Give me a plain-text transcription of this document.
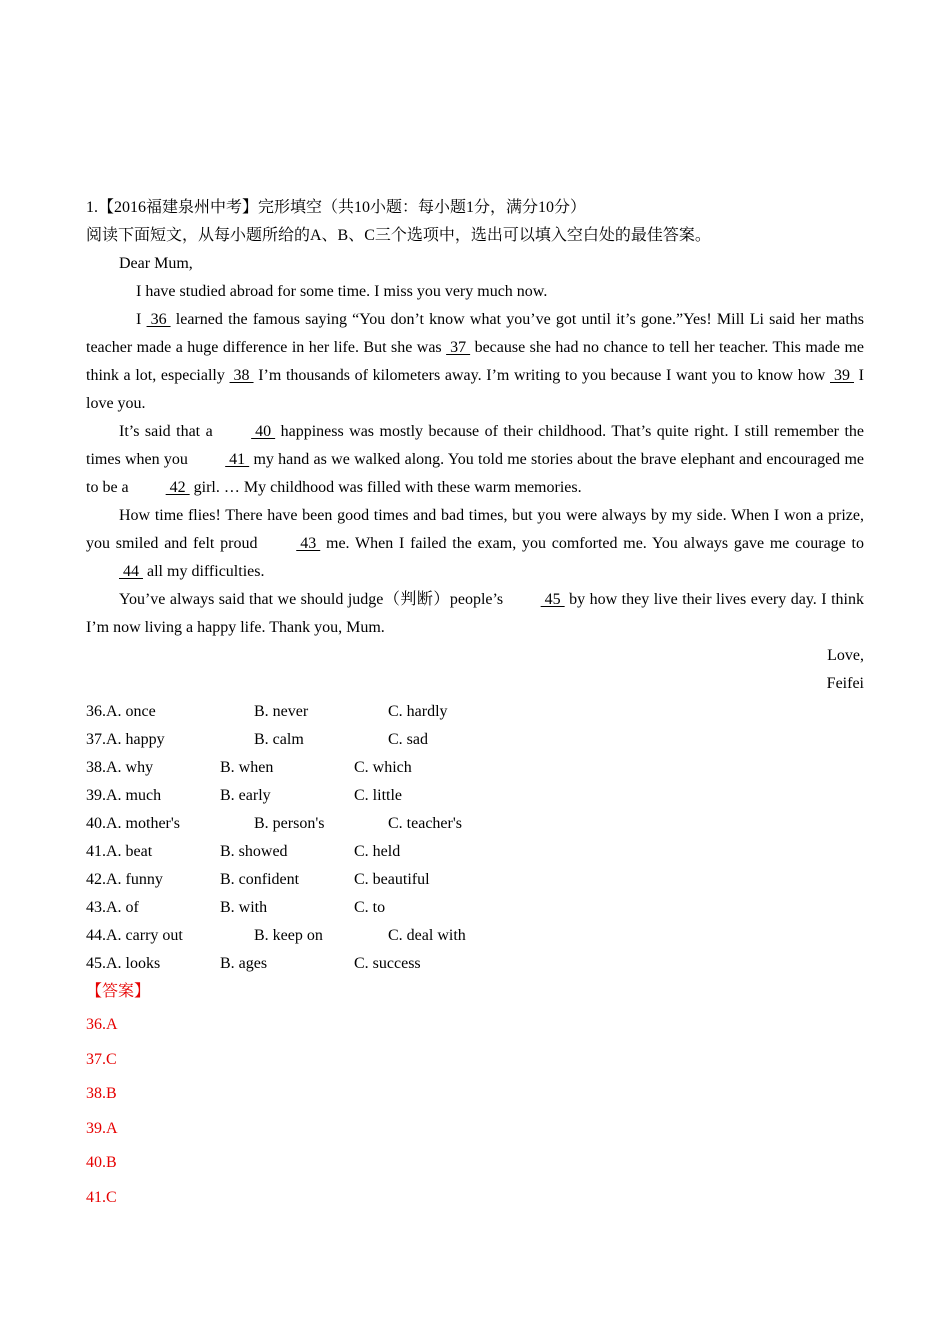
1.【2016福建泉州中考】完形填空（共10小题：每小题1分，满分10分）
阅读下面短文，从每小题所给的A、B、C三个选项中，选出可以填入空白处的最佳答案。
Dear Mum,
I have studied abroad for some time. I miss you very much now.
I  36  learned the famous saying “You don’t know what you’ve got until it’s gone.”Yes! Mill Li said her maths teacher made a huge difference in her life. But she was  37  because she had no chance to tell her teacher. This made me think a lot, especially  38  I’m thousands of kilometers away. I’m writing to you because I want you to know how  39  I love you.
It’s said that a  40  happiness was mostly because of their childhood. That’s quite right. I still remember the times when you  41  my hand as we walked along. You told me stories about the brave elephant and encouraged me to be a  42  girl. … My childhood was filled with these warm memories.
How time flies! There have been good times and bad times, but you were always by my side. When I won a prize, you smiled and felt proud  43  me. When I failed the exam, you comforted me. You always gave me courage to  44  all my difficulties.
You’ve always said that we should judge（判断）people’s  45  by how they live their lives every day. I think I’m now living a happy life. Thank you, Mum.
Love,
Feifei
36.A. once	B. never	C. hardly
37.A. happy	B. calm	C. sad
38.A. why	B. when	C. which
39.A. much	B. early	C. little
40.A. mother's	B. person's	C. teacher's
41.A. beat	B. showed	C. held
42.A. funny	B. confident	C. beautiful
43.A. of	B. with	C. to
44.A. carry out	B. keep on	C. deal with
45.A. looks	B. ages	C. success
【答案】
36.A
37.C
38.B
39.A
40.B
41.C
